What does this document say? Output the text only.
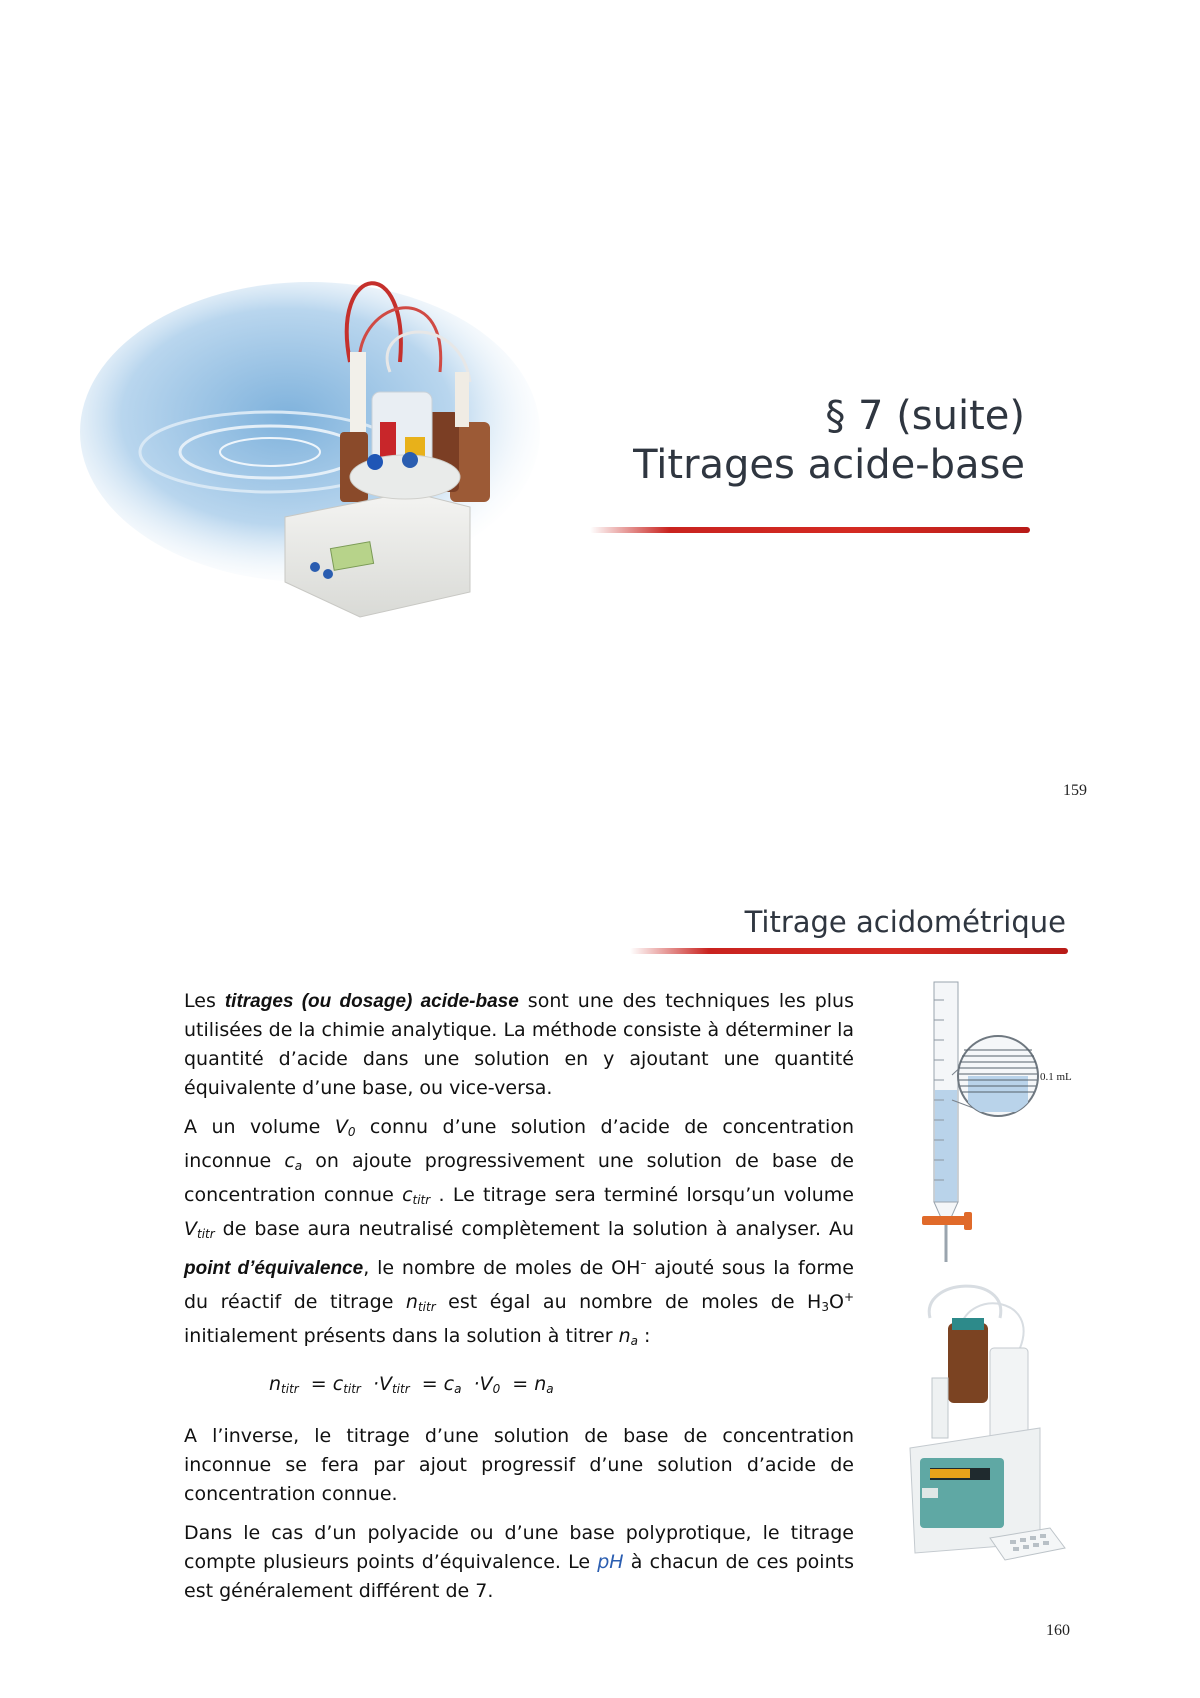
§ 7 (suite)
Titrages acide-base
159
Titrage acidométrique

Les titrages (ou dosage) acide-base sont une des techniques les plus utilisées de la chimie analytique. La méthode consiste à déterminer la quantité d’acide dans une solution en y ajoutant une quantité équivalente d’une base, ou vice-versa.

A un volume $V_0$ connu d’une solution d’acide de concentration inconnue $c_a$ on ajoute progressivement une solution de base de concentration connue $c_{titr}$ . Le titrage sera terminé lorsqu’un volume $V_{titr}$ de base aura neutralisé complètement la solution à analyser. Au point d’équivalence, le nombre de moles de OH– ajouté sous la forme du réactif de titrage $n_{titr}$ est égal au nombre de moles de $H_3O^+$ initialement présents dans la solution à titrer $n_a$ :

$n_{titr} = c_{titr} \cdot V_{titr} = c_a \cdot V_0 = n_a$

A l’inverse, le titrage d’une solution de base de concentration inconnue se fera par ajout progressif d’une solution d’acide de concentration connue.

Dans le cas d’un polyacide ou d’une base polyprotique, le titrage compte plusieurs points d’équivalence. Le pH à chacun de ces points est généralement différent de 7.

0.1 mL
160
